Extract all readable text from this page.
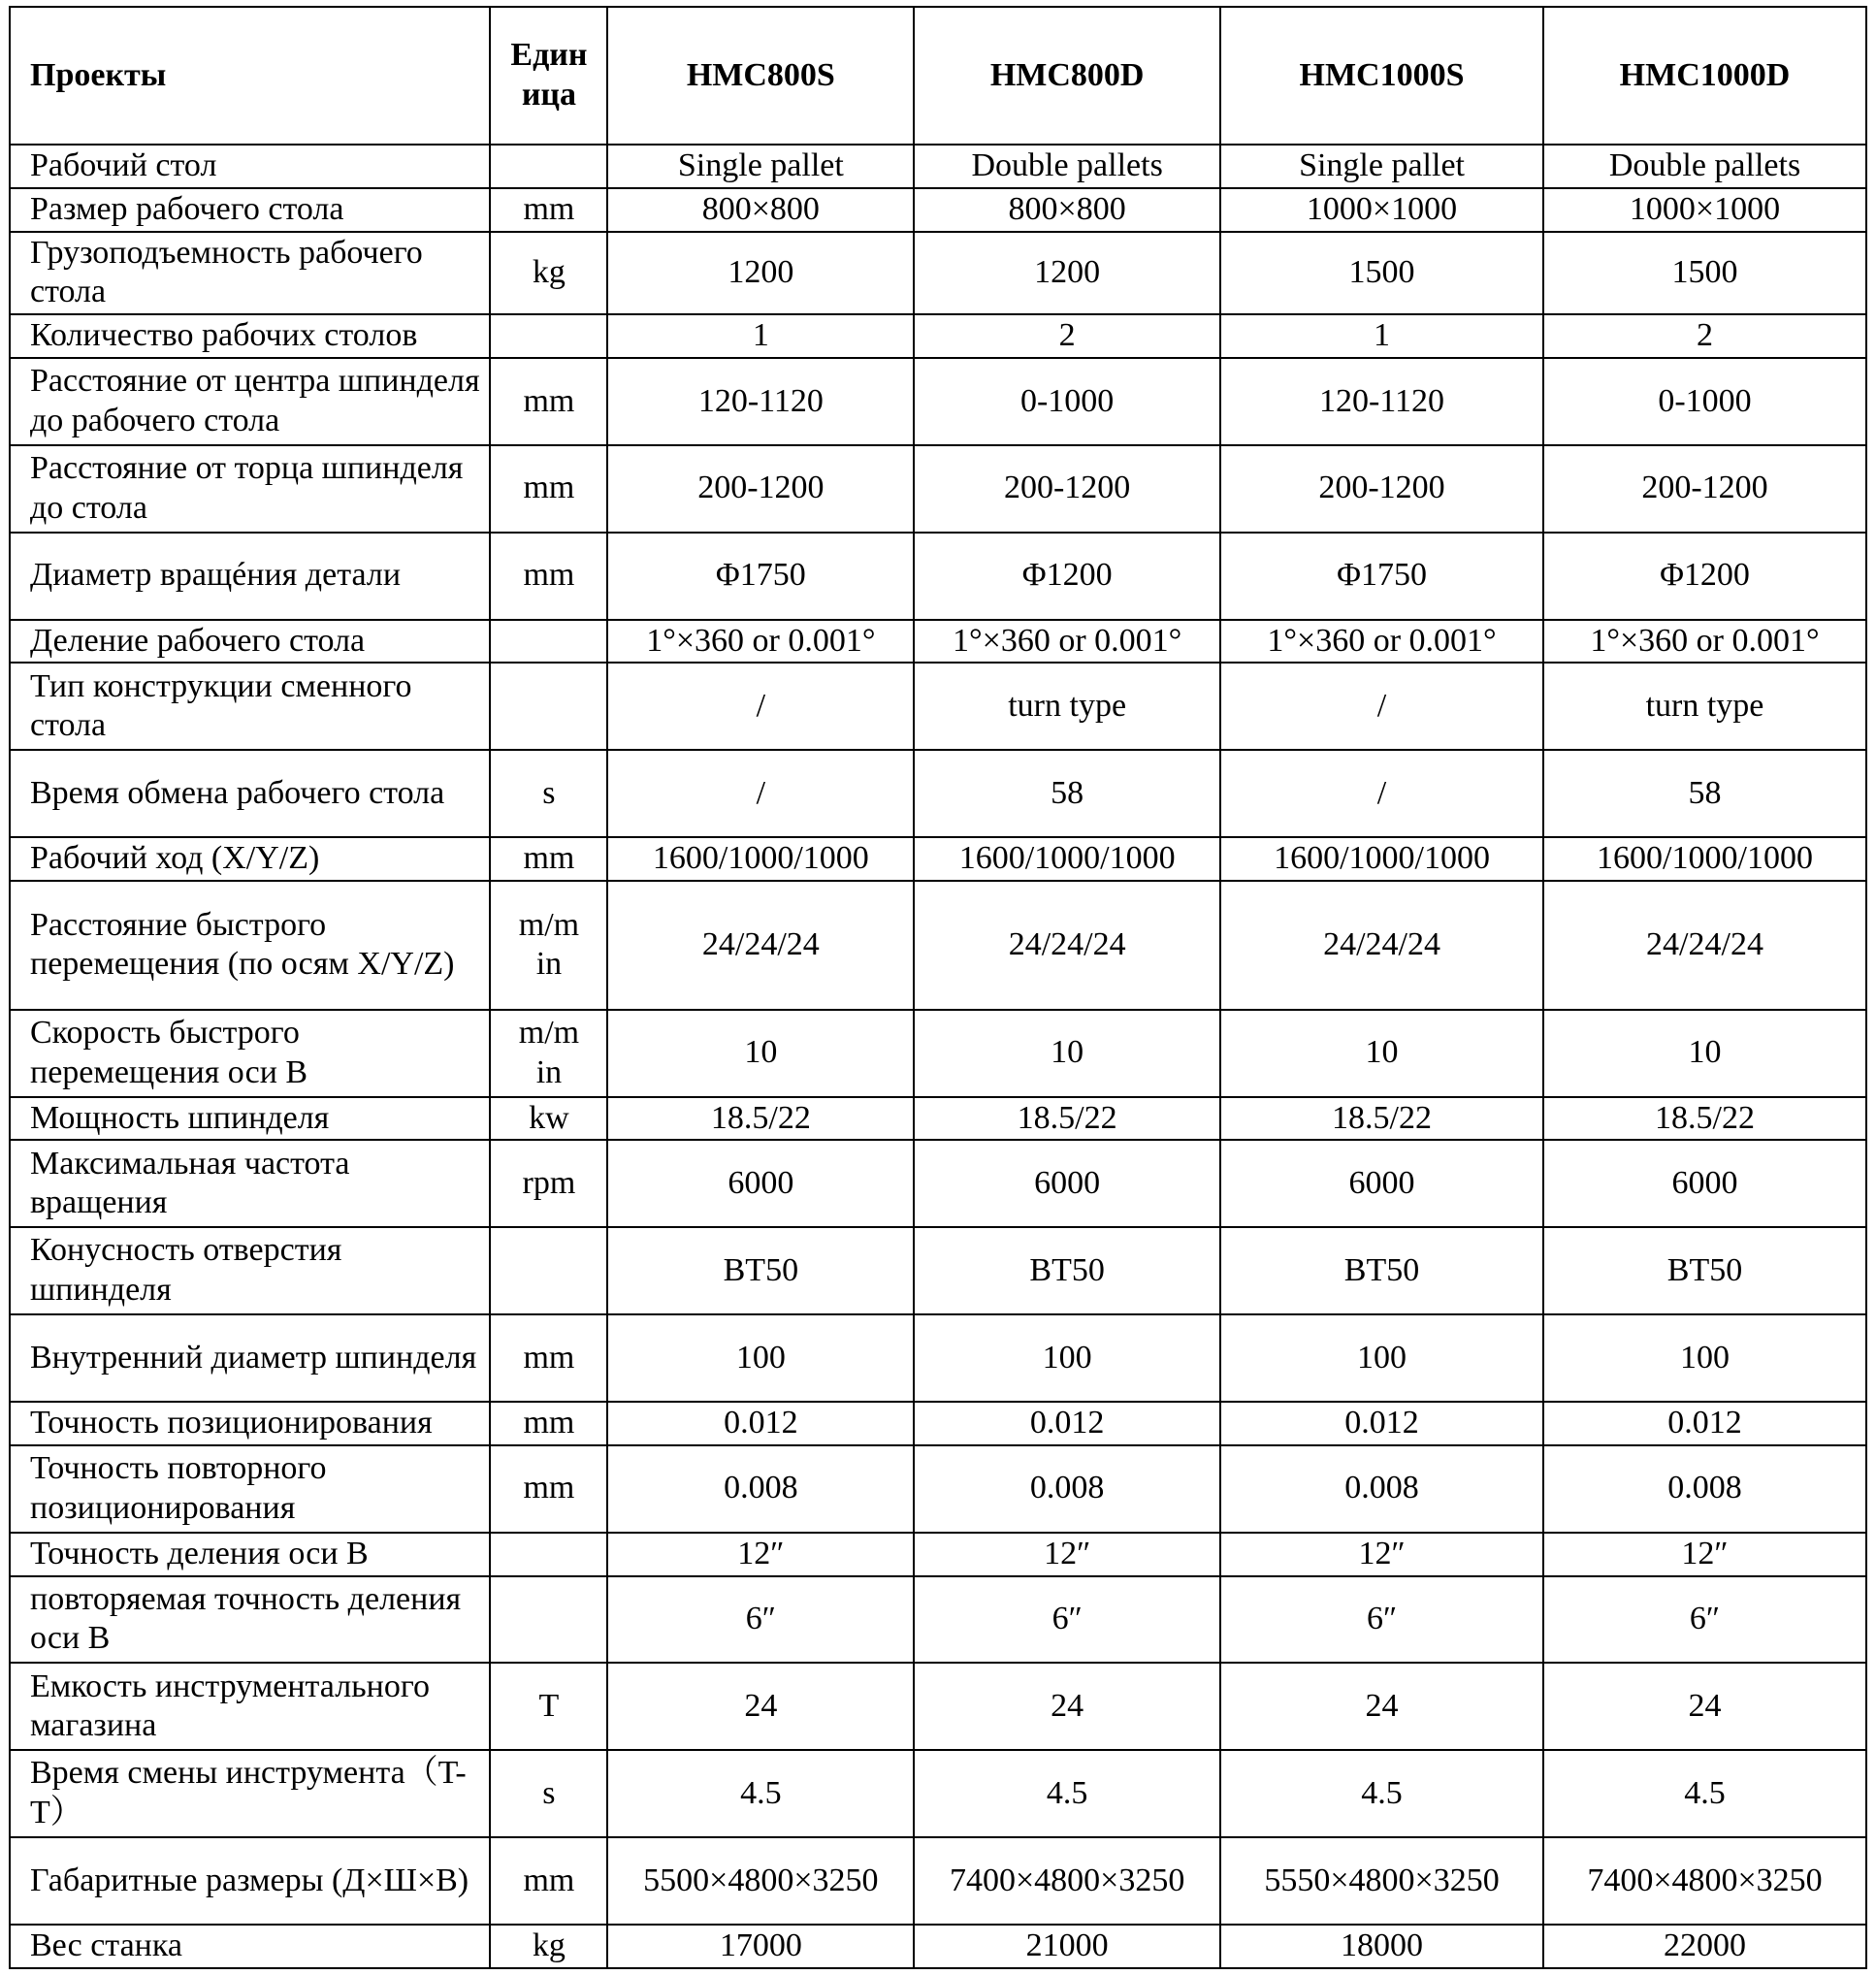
Проекты	Единица	HMC800S	HMC800D	HMC1000S	HMC1000D
Рабочий стол		Single pallet	Double pallets	Single pallet	Double pallets
Размер рабочего стола	mm	800×800	800×800	1000×1000	1000×1000
Грузоподъемность рабочего стола	kg	1200	1200	1500	1500
Количество рабочих столов		1	2	1	2
Расстояние от центра шпинделя до рабочего стола	mm	120-1120	0-1000	120-1120	0-1000
Расстояние от торца шпинделя до стола	mm	200-1200	200-1200	200-1200	200-1200
Диаметр вращéния детали	mm	Φ1750	Φ1200	Φ1750	Φ1200
Деление рабочего стола		1°×360 or 0.001°	1°×360 or 0.001°	1°×360 or 0.001°	1°×360 or 0.001°
Тип конструкции сменного стола		/	turn type	/	turn type
Время обмена рабочего стола	s	/	58	/	58
Рабочий ход (X/Y/Z)	mm	1600/1000/1000	1600/1000/1000	1600/1000/1000	1600/1000/1000
Расстояние быстрого перемещения (по осям X/Y/Z)	m/min	24/24/24	24/24/24	24/24/24	24/24/24
Скорость быстрого перемещения оси B	m/min	10	10	10	10
Мощность шпинделя	kw	18.5/22	18.5/22	18.5/22	18.5/22
Максимальная частота вращения	rpm	6000	6000	6000	6000
Конусность отверстия шпинделя		BT50	BT50	BT50	BT50
Внутренний диаметр шпинделя	mm	100	100	100	100
Точность позиционирования	mm	0.012	0.012	0.012	0.012
Точность повторного позиционирования	mm	0.008	0.008	0.008	0.008
Точность деления оси B		12″	12″	12″	12″
повторяемая точность деления оси B		6″	6″	6″	6″
Емкость инструментального магазина	T	24	24	24	24
Время смены инструмента（T-T）	s	4.5	4.5	4.5	4.5
Габаритные размеры (Д×Ш×В)	mm	5500×4800×3250	7400×4800×3250	5550×4800×3250	7400×4800×3250
Вес станка	kg	17000	21000	18000	22000
